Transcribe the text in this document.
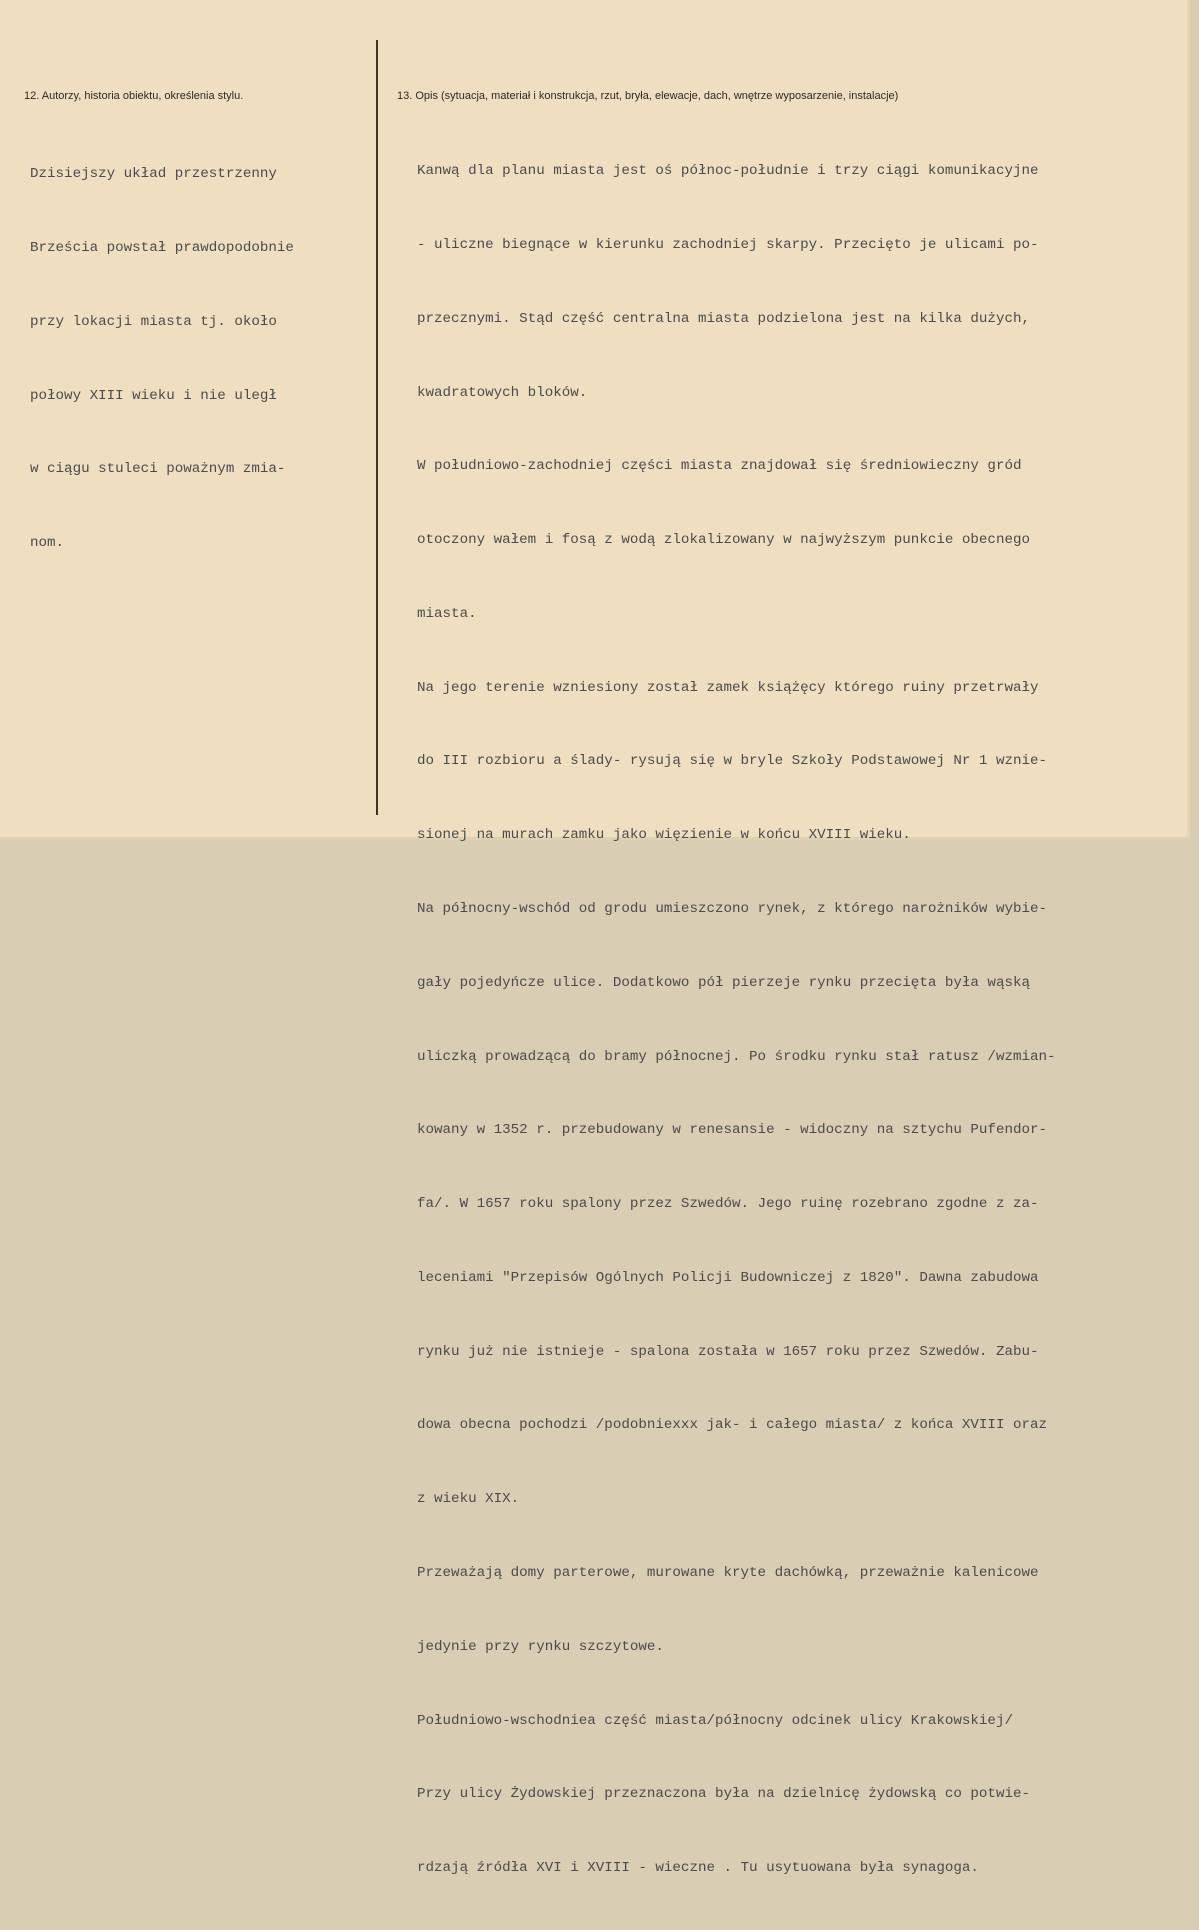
12. Autorzy, historia obiektu, określenia stylu.	13. Opis (sytuacja, materiał i konstrukcja, rzut, bryła, elewacje, dach, wnętrze wyposarzenie, instalacje)

Dzisiejszy układ przestrzenny

Brześcia powstał prawdopodobnie

przy lokacji miasta tj. około

połowy XIII wieku i nie uległ

w ciągu stuleci poważnym zmia-

nom.

Kanwą dla planu miasta jest oś północ-południe i trzy ciągi komunikacyjne

- uliczne biegnące w kierunku zachodniej skarpy. Przecięto je ulicami po-

przecznymi. Stąd część centralna miasta podzielona jest na kilka dużych,

kwadratowych bloków.

W południowo-zachodniej części miasta znajdował się średniowieczny gród

otoczony wałem i fosą z wodą zlokalizowany w najwyższym punkcie obecnego

miasta.

Na jego terenie wzniesiony został zamek książęcy którego ruiny przetrwały

do III rozbioru a ślady- rysują się w bryle Szkoły Podstawowej Nr 1 wznie-

sionej na murach zamku jako więzienie w końcu XVIII wieku.

Na północny-wschód od grodu umieszczono rynek, z którego narożników wybie-

gały pojedyńcze ulice. Dodatkowo pół pierzeje rynku przecięta była wąską

uliczką prowadzącą do bramy północnej. Po środku rynku stał ratusz /wzmian-

kowany w 1352 r. przebudowany w renesansie - widoczny na sztychu Pufendor-

fa/. W 1657 roku spalony przez Szwedów. Jego ruinę rozebrano zgodne z za-

leceniami "Przepisów Ogólnych Policji Budowniczej z 1820". Dawna zabudowa

rynku już nie istnieje - spalona została w 1657 roku przez Szwedów. Zabu-

dowa obecna pochodzi /podobniexxx jak- i całego miasta/ z końca XVIII oraz

z wieku XIX.

Przeważają domy parterowe, murowane kryte dachówką, przeważnie kalenicowe

jedynie przy rynku szczytowe.

Południowo-wschodniea część miasta/północny odcinek ulicy Krakowskiej/

Przy ulicy Żydowskiej przeznaczona była na dzielnicę żydowską co potwie-

rdzają źródła XVI i XVIII - wieczne . Tu usytuowana była synagoga.
